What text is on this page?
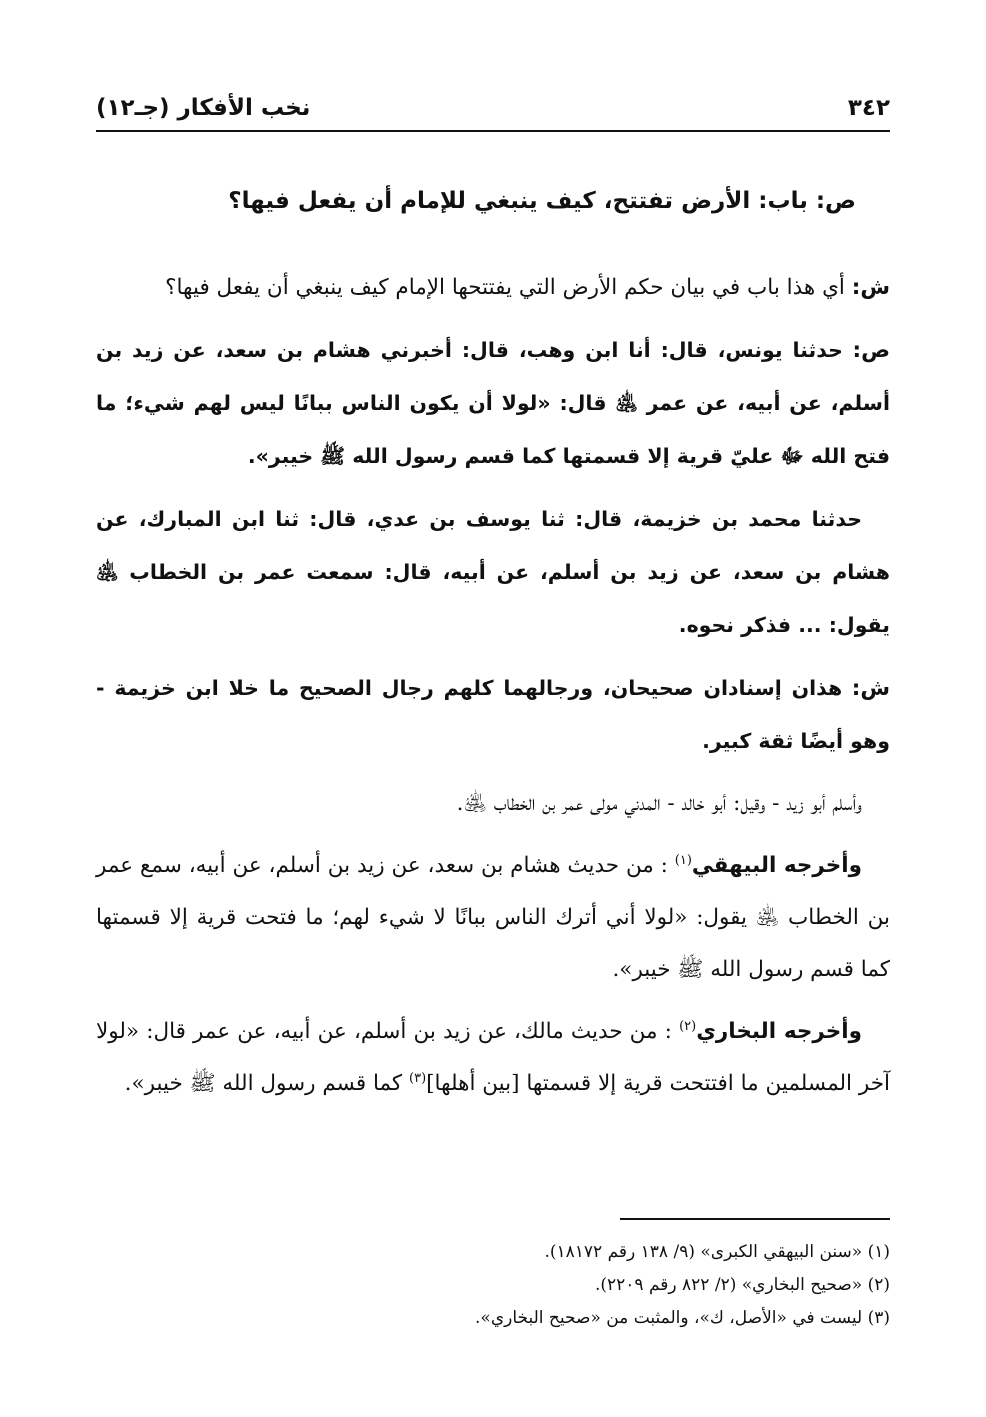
٣٤٢
نخب الأفكار (جـ١٢)
ص: باب: الأرض تفتتح، كيف ينبغي للإمام أن يفعل فيها؟

ش: أي هذا باب في بيان حكم الأرض التي يفتتحها الإمام كيف ينبغي أن يفعل فيها؟

ص: حدثنا يونس، قال: أنا ابن وهب، قال: أخبرني هشام بن سعد، عن زيد بن أسلم، عن أبيه، عن عمر ﵁ قال: «لولا أن يكون الناس ببانًا ليس لهم شيء؛ ما فتح الله ﷻ عليّ قرية إلا قسمتها كما قسم رسول الله ﷺ خيبر».

حدثنا محمد بن خزيمة، قال: ثنا يوسف بن عدي، قال: ثنا ابن المبارك، عن هشام بن سعد، عن زيد بن أسلم، عن أبيه، قال: سمعت عمر بن الخطاب ﵁ يقول: ... فذكر نحوه.

ش: هذان إسنادان صحيحان، ورجالهما كلهم رجال الصحيح ما خلا ابن خزيمة - وهو أيضًا ثقة كبير.

وأسلم أبو زيد - وقيل: أبو خالد - المدني مولى عمر بن الخطاب ﵁.

وأخرجه البيهقي$^{(١)}$ : من حديث هشام بن سعد، عن زيد بن أسلم، عن أبيه، سمع عمر بن الخطاب ﵁ يقول: «لولا أني أترك الناس ببانًا لا شيء لهم؛ ما فتحت قرية إلا قسمتها كما قسم رسول الله ﷺ خيبر».

وأخرجه البخاري$^{(٢)}$ : من حديث مالك، عن زيد بن أسلم، عن أبيه، عن عمر قال: «لولا آخر المسلمين ما افتتحت قرية إلا قسمتها [بين أهلها]$^{(٣)}$ كما قسم رسول الله ﷺ خيبر».

(١) «سنن البيهقي الكبرى» (٩/ ١٣٨ رقم ١٨١٧٢).

(٢) «صحيح البخاري» (٢/ ٨٢٢ رقم ٢٢٠٩).

(٣) ليست في «الأصل، ك»، والمثبت من «صحيح البخاري».
